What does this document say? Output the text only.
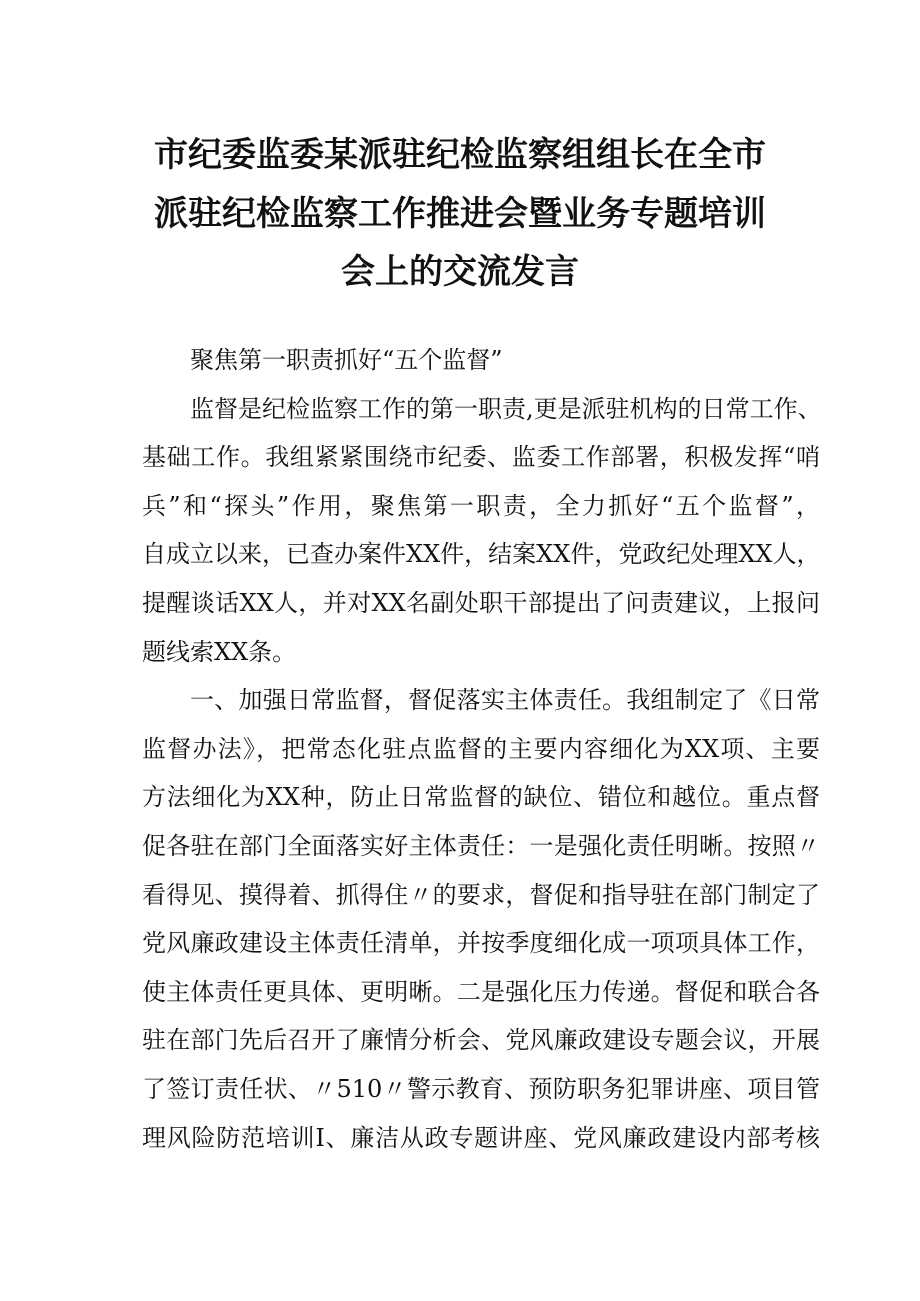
市纪委监委某派驻纪检监察组组长在全市
派驻纪检监察工作推进会暨业务专题培训
会上的交流发言
聚焦第一职责抓好“五个监督”
监督是纪检监察工作的第一职责,更是派驻机构的日常工作、
基础工作。我组紧紧围绕市纪委、监委工作部署，积极发挥“哨
兵”和“探头”作用，聚焦第一职责，全力抓好“五个监督”，
自成立以来，已查办案件XX件，结案XX件，党政纪处理XX人，
提醒谈话XX人，并对XX名副处职干部提出了问责建议，上报问
题线索XX条。
一、加强日常监督，督促落实主体责任。我组制定了《日常
监督办法》，把常态化驻点监督的主要内容细化为XX项、主要
方法细化为XX种，防止日常监督的缺位、错位和越位。重点督
促各驻在部门全面落实好主体责任：一是强化责任明晰。按照〃
看得见、摸得着、抓得住〃的要求，督促和指导驻在部门制定了
党风廉政建设主体责任清单，并按季度细化成一项项具体工作，
使主体责任更具体、更明晰。二是强化压力传递。督促和联合各
驻在部门先后召开了廉情分析会、党风廉政建设专题会议，开展
了签订责任状、〃510〃警示教育、预防职务犯罪讲座、项目管
理风险防范培训I、廉洁从政专题讲座、党风廉政建设内部考核
